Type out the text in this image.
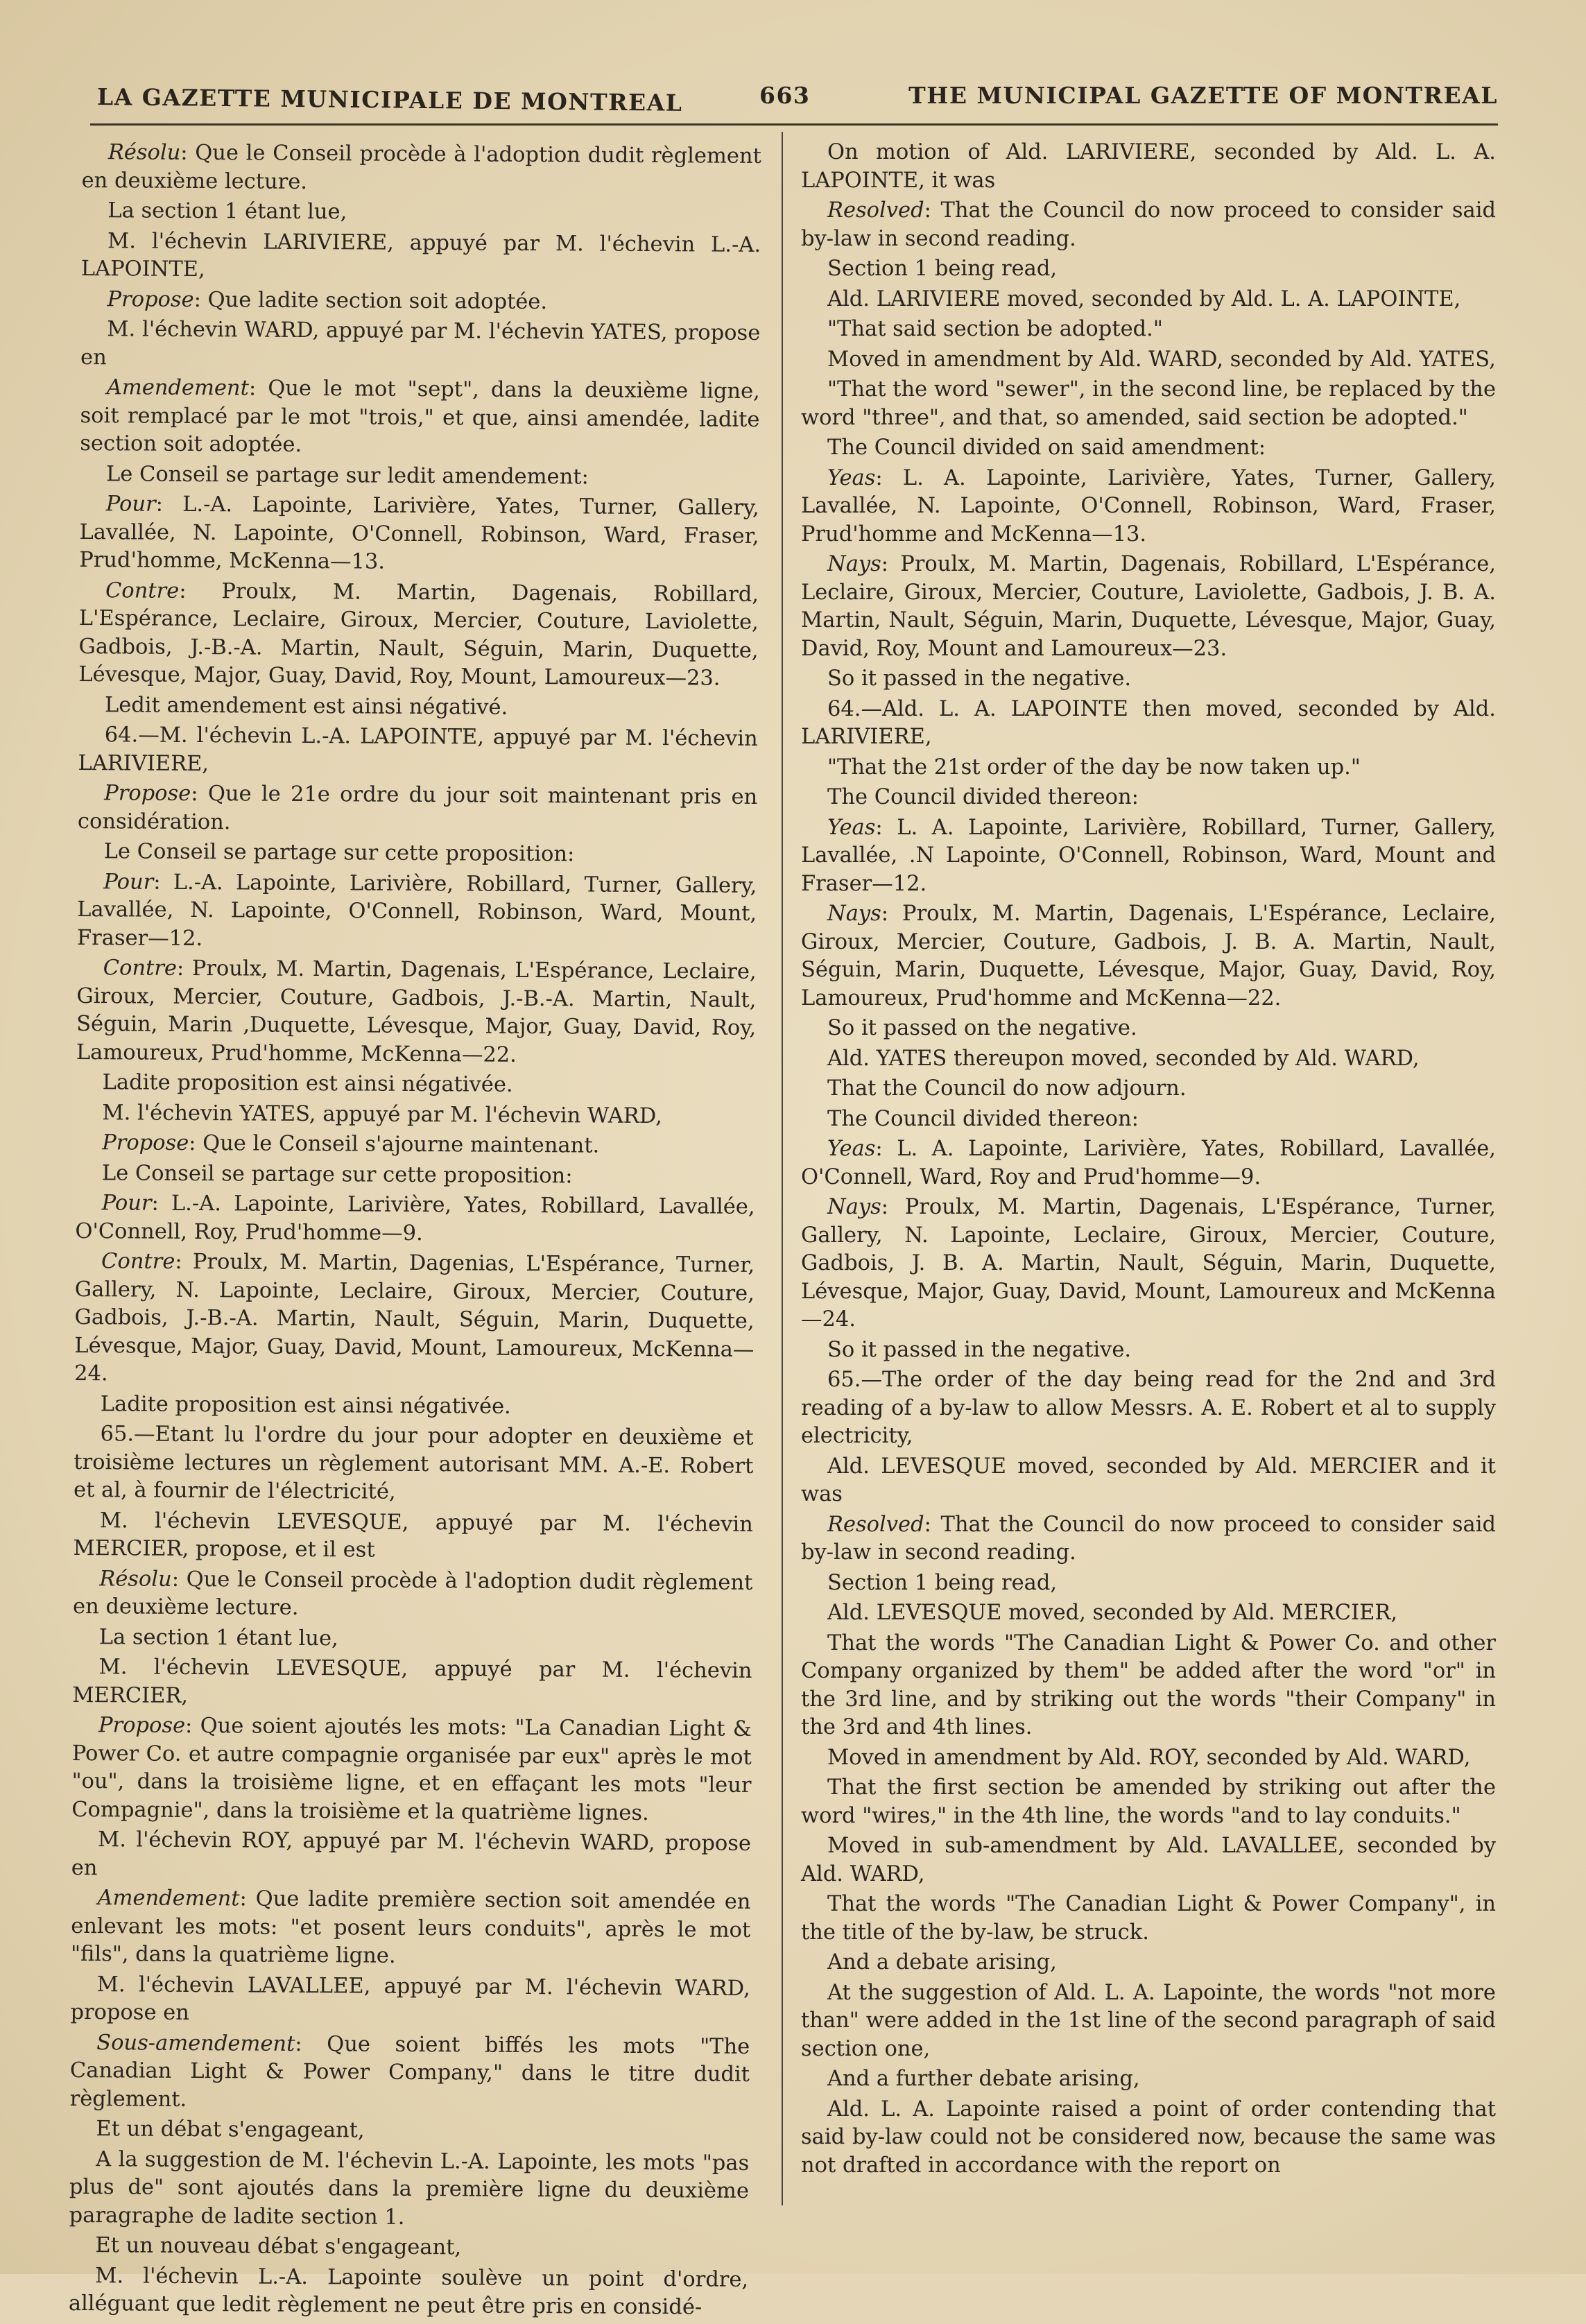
LA GAZETTE MUNICIPALE DE MONTREAL	663	THE MUNICIPAL GAZETTE OF MONTREAL

Résolu: Que le Conseil procède à l'adoption dudit règlement en deuxième lecture.

La section 1 étant lue,

M. l'échevin LARIVIERE, appuyé par M. l'échevin L.-A. LAPOINTE,

Propose: Que ladite section soit adoptée.

M. l'échevin WARD, appuyé par M. l'échevin YATES, propose en

Amendement: Que le mot "sept", dans la deuxième ligne, soit remplacé par le mot "trois," et que, ainsi amendée, ladite section soit adoptée.

Le Conseil se partage sur ledit amendement:

Pour: L.-A. Lapointe, Larivière, Yates, Turner, Gallery, Lavallée, N. Lapointe, O'Connell, Robinson, Ward, Fraser, Prud'homme, McKenna—13.

Contre: Proulx, M. Martin, Dagenais, Robillard, L'Espérance, Leclaire, Giroux, Mercier, Couture, Laviolette, Gadbois, J.-B.-A. Martin, Nault, Séguin, Marin, Duquette, Lévesque, Major, Guay, David, Roy, Mount, Lamoureux—23.

Ledit amendement est ainsi négativé.

64.—M. l'échevin L.-A. LAPOINTE, appuyé par M. l'échevin LARIVIERE,

Propose: Que le 21e ordre du jour soit maintenant pris en considération.

Le Conseil se partage sur cette proposition:

Pour: L.-A. Lapointe, Larivière, Robillard, Turner, Gallery, Lavallée, N. Lapointe, O'Connell, Robinson, Ward, Mount, Fraser—12.

Contre: Proulx, M. Martin, Dagenais, L'Espérance, Leclaire, Giroux, Mercier, Couture, Gadbois, J.-B.-A. Martin, Nault, Séguin, Marin ,Duquette, Lévesque, Major, Guay, David, Roy, Lamoureux, Prud'homme, McKenna—22.

Ladite proposition est ainsi négativée.

M. l'échevin YATES, appuyé par M. l'échevin WARD,

Propose: Que le Conseil s'ajourne maintenant.

Le Conseil se partage sur cette proposition:

Pour: L.-A. Lapointe, Larivière, Yates, Robillard, Lavallée, O'Connell, Roy, Prud'homme—9.

Contre: Proulx, M. Martin, Dagenias, L'Espérance, Turner, Gallery, N. Lapointe, Leclaire, Giroux, Mercier, Couture, Gadbois, J.-B.-A. Martin, Nault, Séguin, Marin, Duquette, Lévesque, Major, Guay, David, Mount, Lamoureux, McKenna—24.

Ladite proposition est ainsi négativée.

65.—Etant lu l'ordre du jour pour adopter en deuxième et troisième lectures un règlement autorisant MM. A.-E. Robert et al, à fournir de l'électricité,

M. l'échevin LEVESQUE, appuyé par M. l'échevin MERCIER, propose, et il est

Résolu: Que le Conseil procède à l'adoption dudit règlement en deuxième lecture.

La section 1 étant lue,

M. l'échevin LEVESQUE, appuyé par M. l'échevin MERCIER,

Propose: Que soient ajoutés les mots: "La Canadian Light & Power Co. et autre compagnie organisée par eux" après le mot "ou", dans la troisième ligne, et en effaçant les mots "leur Compagnie", dans la troisième et la quatrième lignes.

M. l'échevin ROY, appuyé par M. l'échevin WARD, propose en

Amendement: Que ladite première section soit amendée en enlevant les mots: "et posent leurs conduits", après le mot "fils", dans la quatrième ligne.

M. l'échevin LAVALLEE, appuyé par M. l'échevin WARD, propose en

Sous-amendement: Que soient biffés les mots "The Canadian Light & Power Company," dans le titre dudit règlement.

Et un débat s'engageant,

A la suggestion de M. l'échevin L.-A. Lapointe, les mots "pas plus de" sont ajoutés dans la première ligne du deuxième paragraphe de ladite section 1.

Et un nouveau débat s'engageant,

M. l'échevin L.-A. Lapointe soulève un point d'ordre, alléguant que ledit règlement ne peut être pris en considé-

On motion of Ald. LARIVIERE, seconded by Ald. L. A. LAPOINTE, it was

Resolved: That the Council do now proceed to consider said by-law in second reading.

Section 1 being read,

Ald. LARIVIERE moved, seconded by Ald. L. A. LAPOINTE,

"That said section be adopted."

Moved in amendment by Ald. WARD, seconded by Ald. YATES,

"That the word "sewer", in the second line, be replaced by the word "three", and that, so amended, said section be adopted."

The Council divided on said amendment:

Yeas: L. A. Lapointe, Larivière, Yates, Turner, Gallery, Lavallée, N. Lapointe, O'Connell, Robinson, Ward, Fraser, Prud'homme and McKenna—13.

Nays: Proulx, M. Martin, Dagenais, Robillard, L'Espérance, Leclaire, Giroux, Mercier, Couture, Laviolette, Gadbois, J. B. A. Martin, Nault, Séguin, Marin, Duquette, Lévesque, Major, Guay, David, Roy, Mount and Lamoureux—23.

So it passed in the negative.

64.—Ald. L. A. LAPOINTE then moved, seconded by Ald. LARIVIERE,

"That the 21st order of the day be now taken up."

The Council divided thereon:

Yeas: L. A. Lapointe, Larivière, Robillard, Turner, Gallery, Lavallée, .N Lapointe, O'Connell, Robinson, Ward, Mount and Fraser—12.

Nays: Proulx, M. Martin, Dagenais, L'Espérance, Leclaire, Giroux, Mercier, Couture, Gadbois, J. B. A. Martin, Nault, Séguin, Marin, Duquette, Lévesque, Major, Guay, David, Roy, Lamoureux, Prud'homme and McKenna—22.

So it passed on the negative.

Ald. YATES thereupon moved, seconded by Ald. WARD,

That the Council do now adjourn.

The Council divided thereon:

Yeas: L. A. Lapointe, Larivière, Yates, Robillard, Lavallée, O'Connell, Ward, Roy and Prud'homme—9.

Nays: Proulx, M. Martin, Dagenais, L'Espérance, Turner, Gallery, N. Lapointe, Leclaire, Giroux, Mercier, Couture, Gadbois, J. B. A. Martin, Nault, Séguin, Marin, Duquette, Lévesque, Major, Guay, David, Mount, Lamoureux and McKenna—24.

So it passed in the negative.

65.—The order of the day being read for the 2nd and 3rd reading of a by-law to allow Messrs. A. E. Robert et al to supply electricity,

Ald. LEVESQUE moved, seconded by Ald. MERCIER and it was

Resolved: That the Council do now proceed to consider said by-law in second reading.

Section 1 being read,

Ald. LEVESQUE moved, seconded by Ald. MERCIER,

That the words "The Canadian Light & Power Co. and other Company organized by them" be added after the word "or" in the 3rd line, and by striking out the words "their Company" in the 3rd and 4th lines.

Moved in amendment by Ald. ROY, seconded by Ald. WARD,

That the first section be amended by striking out after the word "wires," in the 4th line, the words "and to lay conduits."

Moved in sub-amendment by Ald. LAVALLEE, seconded by Ald. WARD,

That the words "The Canadian Light & Power Company", in the title of the by-law, be struck.

And a debate arising,

At the suggestion of Ald. L. A. Lapointe, the words "not more than" were added in the 1st line of the second paragraph of said section one,

And a further debate arising,

Ald. L. A. Lapointe raised a point of order contending that said by-law could not be considered now, because the same was not drafted in accordance with the report on
